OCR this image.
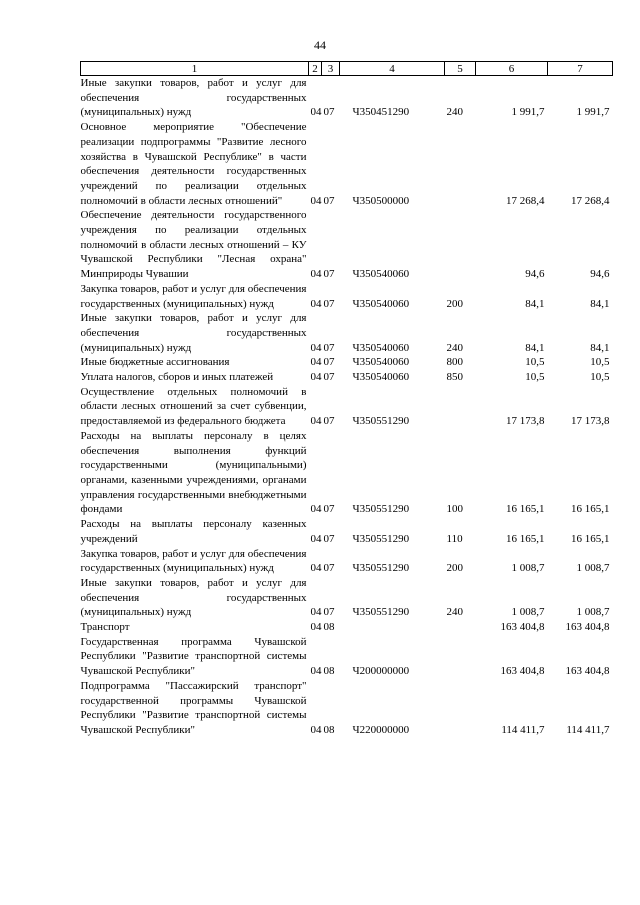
44
1	2	3	4	5	6	7
Иные закупки товаров, работ и услуг для обеспечения государственных (муниципальных) нужд	04	07	Ч350451290	240	1 991,7	1 991,7
Основное мероприятие "Обеспечение реализации подпрограммы "Развитие лесного хозяйства в Чувашской Республике" в части обеспечения деятельности государственных учреждений по реализации отдельных полномочий в области лесных отношений"	04	07	Ч350500000		17 268,4	17 268,4
Обеспечение деятельности государственного учреждения по реализации отдельных полномочий в области лесных отношений – КУ Чувашской Республики "Лесная охрана" Минприроды Чувашии	04	07	Ч350540060		94,6	94,6
Закупка товаров, работ и услуг для обеспечения государственных (муниципальных) нужд	04	07	Ч350540060	200	84,1	84,1
Иные закупки товаров, работ и услуг для обеспечения государственных (муниципальных) нужд	04	07	Ч350540060	240	84,1	84,1
Иные бюджетные ассигнования	04	07	Ч350540060	800	10,5	10,5
Уплата налогов, сборов и иных платежей	04	07	Ч350540060	850	10,5	10,5
Осуществление отдельных полномочий в области лесных отношений за счет субвенции, предоставляемой из федерального бюджета	04	07	Ч350551290		17 173,8	17 173,8
Расходы на выплаты персоналу в целях обеспечения выполнения функций государственными (муниципальными) органами, казенными учреждениями, органами управления государственными внебюджетными фондами	04	07	Ч350551290	100	16 165,1	16 165,1
Расходы на выплаты персоналу казенных учреждений	04	07	Ч350551290	110	16 165,1	16 165,1
Закупка товаров, работ и услуг для обеспечения государственных (муниципальных) нужд	04	07	Ч350551290	200	1 008,7	1 008,7
Иные закупки товаров, работ и услуг для обеспечения государственных (муниципальных) нужд	04	07	Ч350551290	240	1 008,7	1 008,7
Транспорт	04	08			163 404,8	163 404,8
Государственная программа Чувашской Республики "Развитие транспортной системы Чувашской Республики"	04	08	Ч200000000		163 404,8	163 404,8
Подпрограмма "Пассажирский транспорт" государственной программы Чувашской Республики "Развитие транспортной системы Чувашской Республики"	04	08	Ч220000000		114 411,7	114 411,7
